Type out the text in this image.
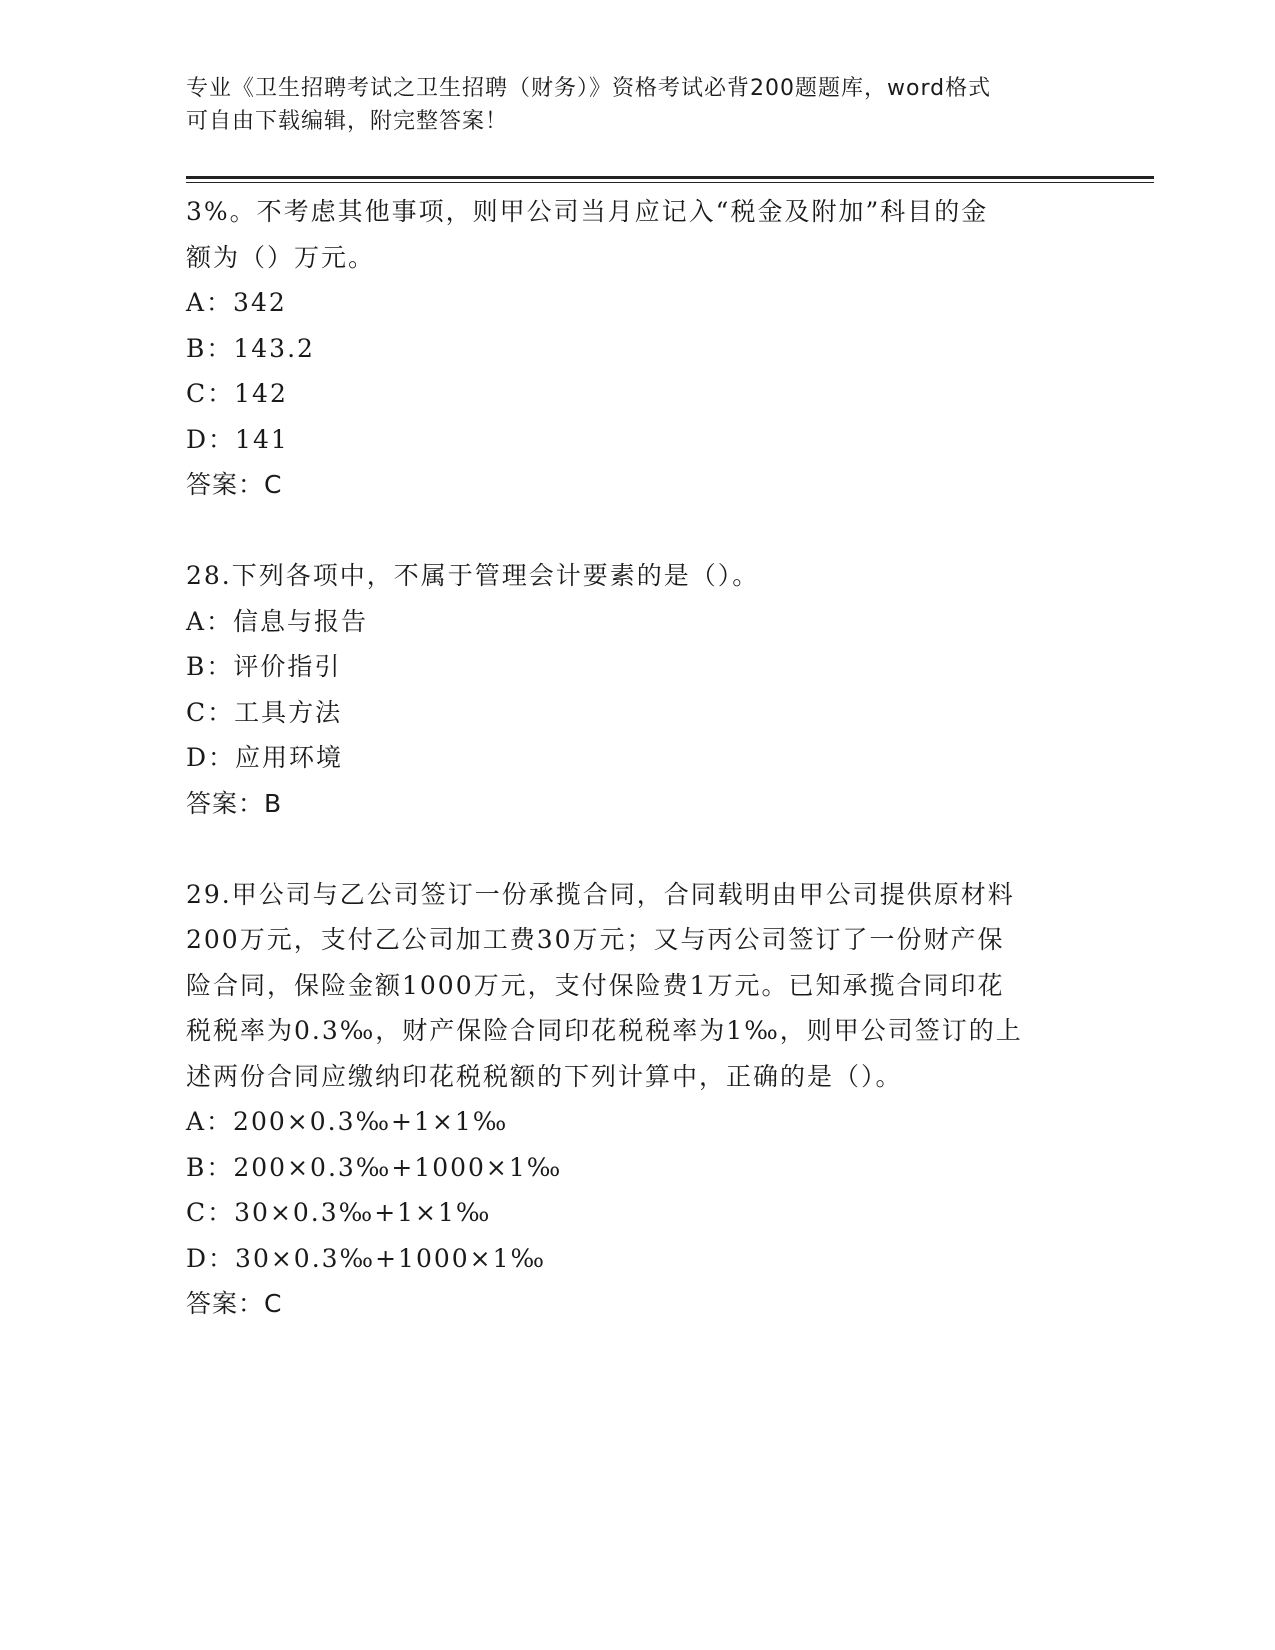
专业《卫生招聘考试之卫生招聘（财务）》资格考试必背200题题库，word格式
可自由下载编辑，附完整答案！
3%。不考虑其他事项，则甲公司当月应记入“税金及附加”科目的金
额为（）万元。
A：342
B：143.2
C：142
D：141
答案：C
28.下列各项中，不属于管理会计要素的是（）。
A：信息与报告
B：评价指引
C：工具方法
D：应用环境
答案：B
29.甲公司与乙公司签订一份承揽合同，合同载明由甲公司提供原材料
200万元，支付乙公司加工费30万元；又与丙公司签订了一份财产保
险合同，保险金额1000万元，支付保险费1万元。已知承揽合同印花
税税率为0.3‰，财产保险合同印花税税率为1‰，则甲公司签订的上
述两份合同应缴纳印花税税额的下列计算中，正确的是（）。
A：200×0.3‰+1×1‰
B：200×0.3‰+1000×1‰
C：30×0.3‰+1×1‰
D：30×0.3‰+1000×1‰
答案：C
